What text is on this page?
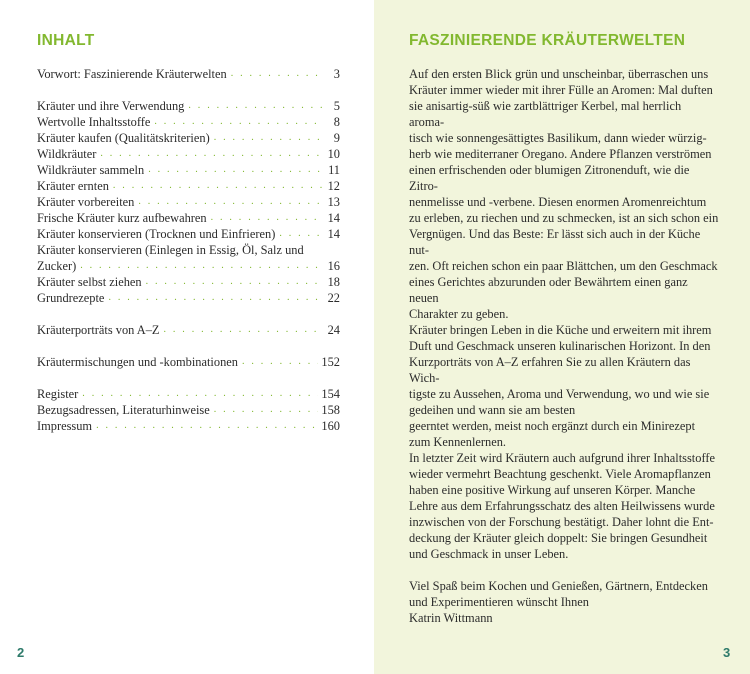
INHALT
Vorwort: Faszinierende Kräuterwelten . . .	3
Kräuter und ihre Verwendung . . .	5
Wertvolle Inhaltsstoffe . . .	8
Kräuter kaufen (Qualitätskriterien) . . .	9
Wildkräuter . . .	10
Wildkräuter sammeln . . .	11
Kräuter ernten . . .	12
Kräuter vorbereiten . . .	13
Frische Kräuter kurz aufbewahren . . .	14
Kräuter konservieren (Trocknen und Einfrieren) . . .	14
Kräuter konservieren (Einlegen in Essig, Öl, Salz und
Zucker) . . .	16
Kräuter selbst ziehen . . .	18
Grundrezepte . . .	22
Kräuterporträts von A–Z . . .	24
Kräutermischungen und -kombinationen . . .	152
Register . . .	154
Bezugsadressen, Literaturhinweise . . .	158
Impressum . . .	160
2
FASZINIERENDE KRÄUTERWELTEN

Auf den ersten Blick grün und unscheinbar, überraschen uns
Kräuter immer wieder mit ihrer Fülle an Aromen: Mal duften
sie anisartig-süß wie zartblättriger Kerbel, mal herrlich aroma-
tisch wie sonnengesättigtes Basilikum, dann wieder würzig-
herb wie mediterraner Oregano. Andere Pflanzen verströmen
einen erfrischenden oder blumigen Zitronenduft, wie die Zitro-
nenmelisse und -verbene. Diesen enormen Aromenreichtum
zu erleben, zu riechen und zu schmecken, ist an sich schon ein
Vergnügen. Und das Beste: Er lässt sich auch in der Küche nut-
zen. Oft reichen schon ein paar Blättchen, um den Geschmack
eines Gerichtes abzurunden oder Bewährtem einen ganz neuen
Charakter zu geben.

Kräuter bringen Leben in die Küche und erweitern mit ihrem
Duft und Geschmack unseren kulinarischen Horizont. In den
Kurzporträts von A–Z erfahren Sie zu allen Kräutern das Wich-
tigste zu Aussehen, Aroma und Verwendung, wo und wie sie
gedeihen und wann sie am besten
geerntet werden, meist noch ergänzt durch ein Minirezept
zum Kennenlernen.

In letzter Zeit wird Kräutern auch aufgrund ihrer Inhaltsstoffe
wieder vermehrt Beachtung geschenkt. Viele Aromapflanzen
haben eine positive Wirkung auf unseren Körper. Manche
Lehre aus dem Erfahrungsschatz des alten Heilwissens wurde
inzwischen von der Forschung bestätigt. Daher lohnt die Ent-
deckung der Kräuter gleich doppelt: Sie bringen Gesundheit
und Geschmack in unser Leben.

Viel Spaß beim Kochen und Genießen, Gärtnern, Entdecken
und Experimentieren wünscht Ihnen
Katrin Wittmann

3
